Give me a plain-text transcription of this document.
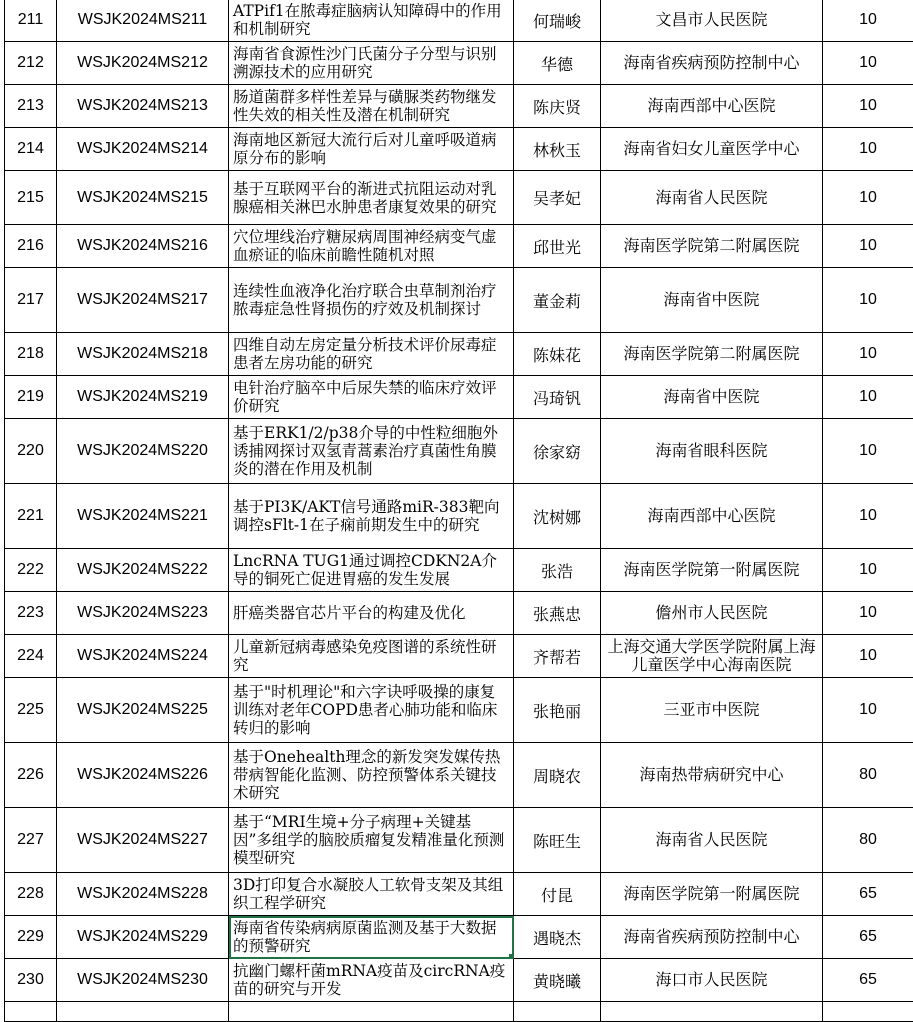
211	WSJK2024MS211	ATPif1在脓毒症脑病认知障碍中的作用和机制研究	何瑞峻	文昌市人民医院	10
212	WSJK2024MS212	海南省食源性沙门氏菌分子分型与识别溯源技术的应用研究	华德	海南省疾病预防控制中心	10
213	WSJK2024MS213	肠道菌群多样性差异与磺脲类药物继发性失效的相关性及潜在机制研究	陈庆贤	海南西部中心医院	10
214	WSJK2024MS214	海南地区新冠大流行后对儿童呼吸道病原分布的影响	林秋玉	海南省妇女儿童医学中心	10
215	WSJK2024MS215	基于互联网平台的渐进式抗阻运动对乳腺癌相关淋巴水肿患者康复效果的研究	吴孝妃	海南省人民医院	10
216	WSJK2024MS216	穴位埋线治疗糖尿病周围神经病变气虚血瘀证的临床前瞻性随机对照	邱世光	海南医学院第二附属医院	10
217	WSJK2024MS217	连续性血液净化治疗联合虫草制剂治疗脓毒症急性肾损伤的疗效及机制探讨	董金莉	海南省中医院	10
218	WSJK2024MS218	四维自动左房定量分析技术评价尿毒症患者左房功能的研究	陈妹花	海南医学院第二附属医院	10
219	WSJK2024MS219	电针治疗脑卒中后尿失禁的临床疗效评价研究	冯琦钒	海南省中医院	10
220	WSJK2024MS220	基于ERK1/2/p38介导的中性粒细胞外诱捕网探讨双氢青蒿素治疗真菌性角膜炎的潜在作用及机制	徐家窈	海南省眼科医院	10
221	WSJK2024MS221	基于PI3K/AKT信号通路miR-383靶向调控sFlt-1在子痫前期发生中的研究	沈树娜	海南西部中心医院	10
222	WSJK2024MS222	LncRNA TUG1通过调控CDKN2A介导的铜死亡促进胃癌的发生发展	张浩	海南医学院第一附属医院	10
223	WSJK2024MS223	肝癌类器官芯片平台的构建及优化	张燕忠	儋州市人民医院	10
224	WSJK2024MS224	儿童新冠病毒感染免疫图谱的系统性研究	齐帮若	上海交通大学医学院附属上海儿童医学中心海南医院	10
225	WSJK2024MS225	基于"时机理论"和六字诀呼吸操的康复训练对老年COPD患者心肺功能和临床转归的影响	张艳丽	三亚市中医院	10
226	WSJK2024MS226	基于Onehealth理念的新发突发媒传热带病智能化监测、防控预警体系关键技术研究	周晓农	海南热带病研究中心	80
227	WSJK2024MS227	基于“MRI生境+分子病理+关键基因”多组学的脑胶质瘤复发精准量化预测模型研究	陈旺生	海南省人民医院	80
228	WSJK2024MS228	3D打印复合水凝胶人工软骨支架及其组织工程学研究	付昆	海南医学院第一附属医院	65
229	WSJK2024MS229	海南省传染病病原菌监测及基于大数据的预警研究	遇晓杰	海南省疾病预防控制中心	65
230	WSJK2024MS230	抗幽门螺杆菌mRNA疫苗及circRNA疫苗的研究与开发	黄晓曦	海口市人民医院	65
